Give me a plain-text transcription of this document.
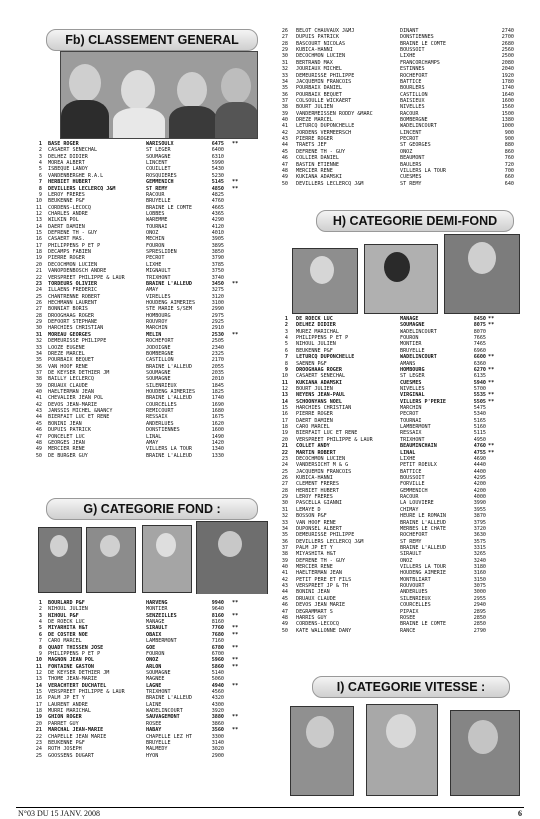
Fb) CLASSEMENT GENERAL
1 BASE ROGER	WARISOULX	6475 **
2 CASAERT SENECHAL	ST LEGER	6400
3 DELHEZ DIDIER	SOUMAGNE	6310
4 MOREA ALBERT	LINCENT	5990
5 ISBEQUE LANOY	COUILLET	5430
6 VANDENBERGHE R.A.L	ROSQUIERES	5230
7 HERBIET HUBERT	GEMMENICH	5145 **
8 DEVILLERS LECLERCQ J&M	ST REMY	4850 **
9 LEROY FRERES	RACOUR	4825
10 BEUKENNE P&F	BRUYELLE	4760
11 CORDENS-LECOCQ	BRAINE LE COMTE	4665
12 CHARLES ANDRE	LOBBES	4365
13 WILKIN POL	WAREMME	4290
14 DAERT DAMIEN	TOURNAI	4120
15 DEFRENE TH - GUY	ONOZ	4010
16 CASAERT MAS.	MECHIN	3905
17 PHILIPPENS P ET P	FOURON	3895
18 DECAMPS FABIEN	SPRESLIDEN	3850
19 PIERRE ROGER	PECROT	3790
20 DECOCHMON LUCIEN	LIXHE	3785
21 VANOPDENBOSCH ANDRE	MIGNAULT	3750
22 VERSPREET PHILIPPE & LAUR	TRIXHONT	3740
23 TORDEURS OLIVIER	BRAINE L'ALLEUD	3450 **
24 ILLAENS FREDERIC	AMAY	3275
25 CHANTRENNE ROBERT	VIRELLES	3120
26 HECHMANN LAURENT	HOUDENG AIMERIES	3100
27 BONNIAT BORIS	STE MARIE S/SEM	2990
28 DROOGHAAG ROGER	HOMBOURG	2975
29 DEFOORT STEPHANE	ROUVROY	2925
30 HARCHIES CHRISTIAN	MARCHIN	2910
31 MOREAU GEORGES	MELIN	2530 **
32 DEMEURISSE PHILIPPE	ROCHEFORT	2505
33 LOOZE EUGENE	JODOIGNE	2340
34 DREZE MARCEL	BOMBERGNE	2325
35 POURBAIX BEQUET	CASTILLON	2170
36 VAN HOOF RENE	BRAINE L'ALLEUD	2055
37 DE KEYSER DETHIER JM	SOUMAGNE	2035
38 BAILLY LECLERCQ	SOUMAGNE	2010
39 DRUAUX CLAUDE	SILENRIEUX	1845
40 HAELTERMAN JEAN	HOUDENG AIMERIES	1825
41 CHEVALIER JEAN POL	BRAINE L'ALLEUD	1740
42 DEVOS JEAN-MARIE	COURCELLES	1690
43 JANSSIS MICHEL &NANCY	REMICOURT	1680
44 BIERFAIT LUC ET RENE	RESSAIX	1675
45 BONINI JEAN	ANDERLUES	1620
46 DUPUIS PATRICK	DONSTIENNES	1600
47 PONCELET LUC	LINAL	1490
48 GEORGES JEAN	AMAY	1420
49 MERCIER RENE	VILLERS LA TOUR	1340
50 DE BURGER GUY	BRAINE L'ALLEUD	1330
G) CATEGORIE FOND :
1 BOURLARD P&F	HARVENG	9940 **
2 NIHOUL JULIEN	MONTIER	9640
3 NIHOUL P&F	SENZEILLES	8160 **
4 DE ROECK LUC	MANAGE	8160
5 MIYARHITA H&T	SIRAULT	7760 **
6 DE COSTER NOE	OBAIX	7680 **
7 CARO MARCEL	LAMBERMONT	7160
8 QUADT THISSEN JOSE	GOE	6780 **
9 PHILIPPENS P ET P	FOURON	6700
10 MAGNON JEAN POL	ONOZ	5960 **
11 FONTAINE GASTON	ARLON	5860 **
12 DE KEYSER DETHIER JM	SOUMAGNE	5140
13 THOME JEAN-MARIE	MAGNEE	5060
14 VERACHTERT DUCHATEL	LAGNE	4940 **
15 VERSPREET PHILIPPE & LAUR	TRIXHONT	4560
16 PALM JP ET Y	BRAINE L'ALLEUD	4320
17 LAURENT ANDRE	LAINE	4300
18 MURRI MARICHAL	WADELINCOURT	3920
19 GHION ROGER	SAUVAGEMONT	3880 **
20 PARRET GUY	ROSEE	3860
21 MARCHAL JEAN-MARIE	HABAY	3560 **
22 CHAPELLE JEAN MARIE	CHAPELLE LEZ HT	3300
23 BEUKENNE P&F	BRUYELLE	3140
24 ROTH JOSEPH	MALMEDY	3020
25 GOOSSENS DUGART	HYON	2900
26 BELOT CHAUVAUX J&MJ	DINANT	2740
27 DUPUIS PATRICK	DONSTIENNES	2700
28 BASCOURT NICOLAS	BRAINE LE COMTE	2680
29 KUBICA-HANNI	BOUSSOIT	2560
30 DECOCHMON LUCIEN	LIXHE	2500
31 BERTRAND MAX	FRANCORCHAMPS	2080
32 JOURIAUX MICHEL	ESTINNES	2040
33 DEMEURISSE PHILIPPE	ROCHEFORT	1920
34 JACQUEMIN FRANCOIS	BATTICE	1780
35 POURBAIX DANIEL	BOURLERS	1740
36 POURBAIX BEQUET	CASTILLON	1640
37 COLSOULLE WICKAERT	BAISIEUX	1600
38 BOURT JULIEN	NIVELLES	1560
39 VANDERMEISSEN RODDY &MARC	RACOUR	1500
40 DREZE MARCEL	BOMBERGNE	1380
41 LETURCQ DUPONCHELLE	WADELINCOURT	1000
42 JORDENS VERMEERSCH	LINCENT	900
43 PIERRE ROGER	PECROT	900
44 TRAETS JEF	ST GEORGES	880
45 DEFRENE TH - GUY	ONOZ	860
46 COLLIER DANIEL	BEAUMONT	760
47 BASTIN ETIENNE	BAULERS	720
48 MERCIER RENE	VILLERS LA TOUR	700
49 KUKIANA ADAMSKI	CUESMES	660
50 DEVILLERS LECLERCQ J&M	ST REMY	640
H) CATEGORIE DEMI-FOND
1 DE ROECK LUC	MANAGE	8450 **
2 DELHEZ DIDIER	SOUMAGNE	8075 **
3 MUREZ MARICHAL	WADELINCOURT	8070
4 PHILIPPENS P ET P	FOURON	7665
5 NIHOUL JULIEN	MONTIER	7465
6 BEUKENNE P&F	BRUYELLE	6960
7 LETURCQ DUPONCHELLE	WADELINCOURT	6600 **
8 SAENEN P&F	AMANS	6360
9 DROOGHAAG ROGER	HOMBOURG	6270 **
10 CASAERT SENECHAL	ST LEGER	6135
11 KUKIANA ADAMSKI	CUESMES	5940 **
12 BOURT JULIEN	NIVELLES	5700
13 NEYENS JEAN-PAUL	VIRGINAL	5535 **
14 SCHOONYANS NOEL	VILLERS P'PERIE	5505 **
15 HARCHIES CHRISTIAN	MARCHIN	5475
16 PIERRE ROGER	PECROT	5340
17 DAERT DAMIEN	TOURNAI	5165
18 CARO MARCEL	LAMBERMONT	5160
19 BIERFAIT LUC ET RENE	RESSAIX	5115
20 VERSPREET PHILIPPE & LAUR	TRIXHONT	4950
21 COLLET ANDY	BEAUMINCHAIN	4760 **
22 MARTIN ROBERT	LINAL	4755 **
23 DECOCHMON LUCIEN	LIXHE	4690
24 VANDERSICHT M & G	PETIT ROEULX	4440
25 JACQUEMIN FRANCOIS	BATTICE	4400
26 KUBICA-HANNI	BOUSSOIT	4295
27 CLEMENT FRERES	FORVILLE	4200
28 HERBIET HUBERT	GEMMENICH	4200
29 LEROY FRERES	RACOUR	4000
30 PASCELLA GIANNI	LA LOUVIERE	3990
31 LEMAYE D	CHIMAY	3955
32 BOSSON P&F	HEURE LE ROMAIN	3870
33 VAN HOOF RENE	BRAINE L'ALLEUD	3795
34 DUPONSEL ALBERT	MERBES LE CHATE	3720
35 DEMEURISSE PHILIPPE	ROCHEFORT	3630
36 DEVILLERS LECLERCQ J&M	ST REMY	3575
37 PALM JP ET Y	BRAINE L'ALLEUD	3315
38 MIYASHITA H&T	SIRAULT	3265
39 DEFRENE TH - GUY	ONOZ	3240
40 MERCIER RENE	VILLERS LA TOUR	3180
41 HAELTERMAN JEAN	HOUDENG AIMERIE	3160
42 PETIT PERE ET FILS	MONTBLIART	3150
43 VERSPREET JP & TH	ROUVOURT	3075
44 BONINI JEAN	ANDERLUES	3000
45 DRUAUX CLAUDE	SILENRIEUX	2955
46 DEVOS JEAN MARIE	COURCELLES	2940
47 DEGRAMMART S	PIPAIX	2895
48 HARRIS GUY	ROSEE	2850
49 CORDENS-LECOCQ	BRAINE LE COMTE	2850
50 KATE WALLONNE DANY	RANCE	2790
I) CATEGORIE VITESSE :
N°03 DU 15 JANV. 2008	6
